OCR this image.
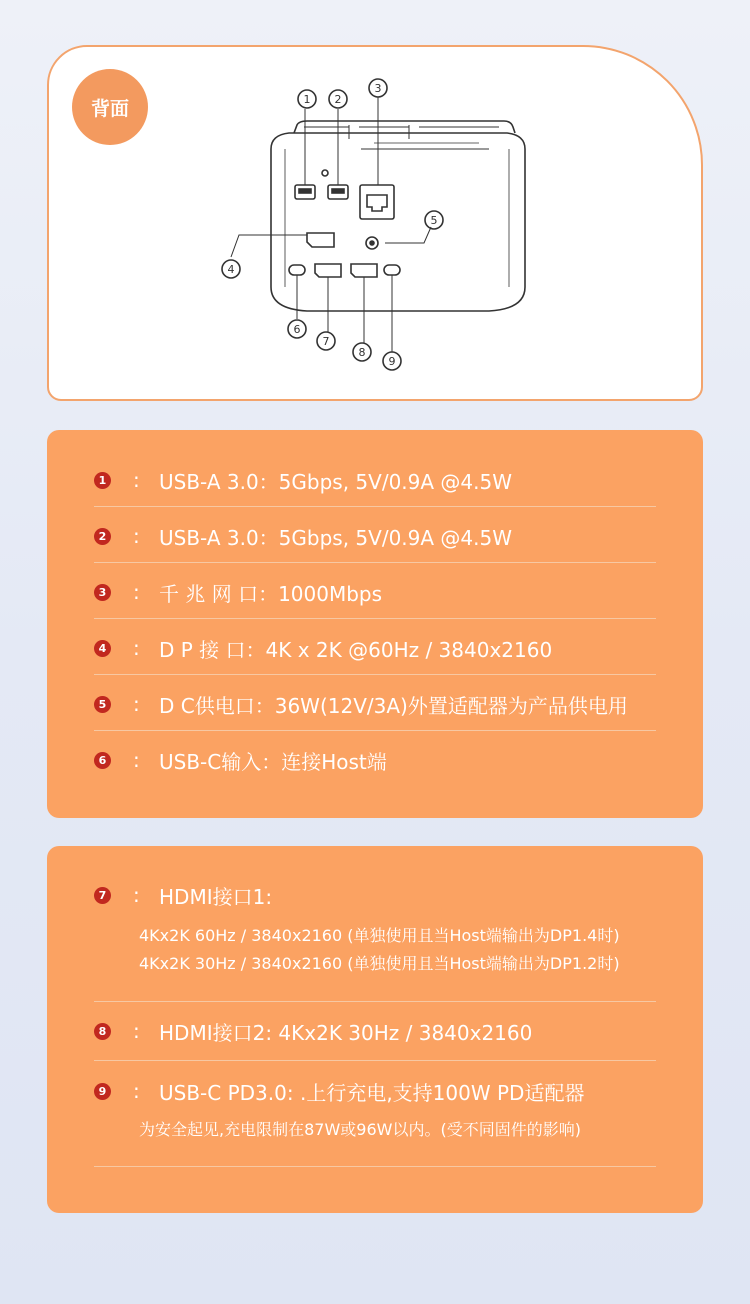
背面	1 2
3
5
4
6
7
8
9
1 : USB-A 3.0：5Gbps, 5V/0.9A @4.5W
2 : USB-A 3.0：5Gbps, 5V/0.9A @4.5W
3 : 千 兆 网 口：1000Mbps
4 : D P 接 口：4K x 2K @60Hz / 3840x2160
5 : D C供电口：36W(12V/3A)外置适配器为产品供电用
6 : USB-C输入：连接Host端
7 : HDMI接口1:
4Kx2K 60Hz / 3840x2160 (单独使用且当Host端输出为DP1.4时)
4Kx2K 30Hz / 3840x2160 (单独使用且当Host端输出为DP1.2时)
8 : HDMI接口2: 4Kx2K 30Hz / 3840x2160
9 : USB-C PD3.0: .上行充电,支持100W PD适配器
为安全起见,充电限制在87W或96W以内。(受不同固件的影响)
